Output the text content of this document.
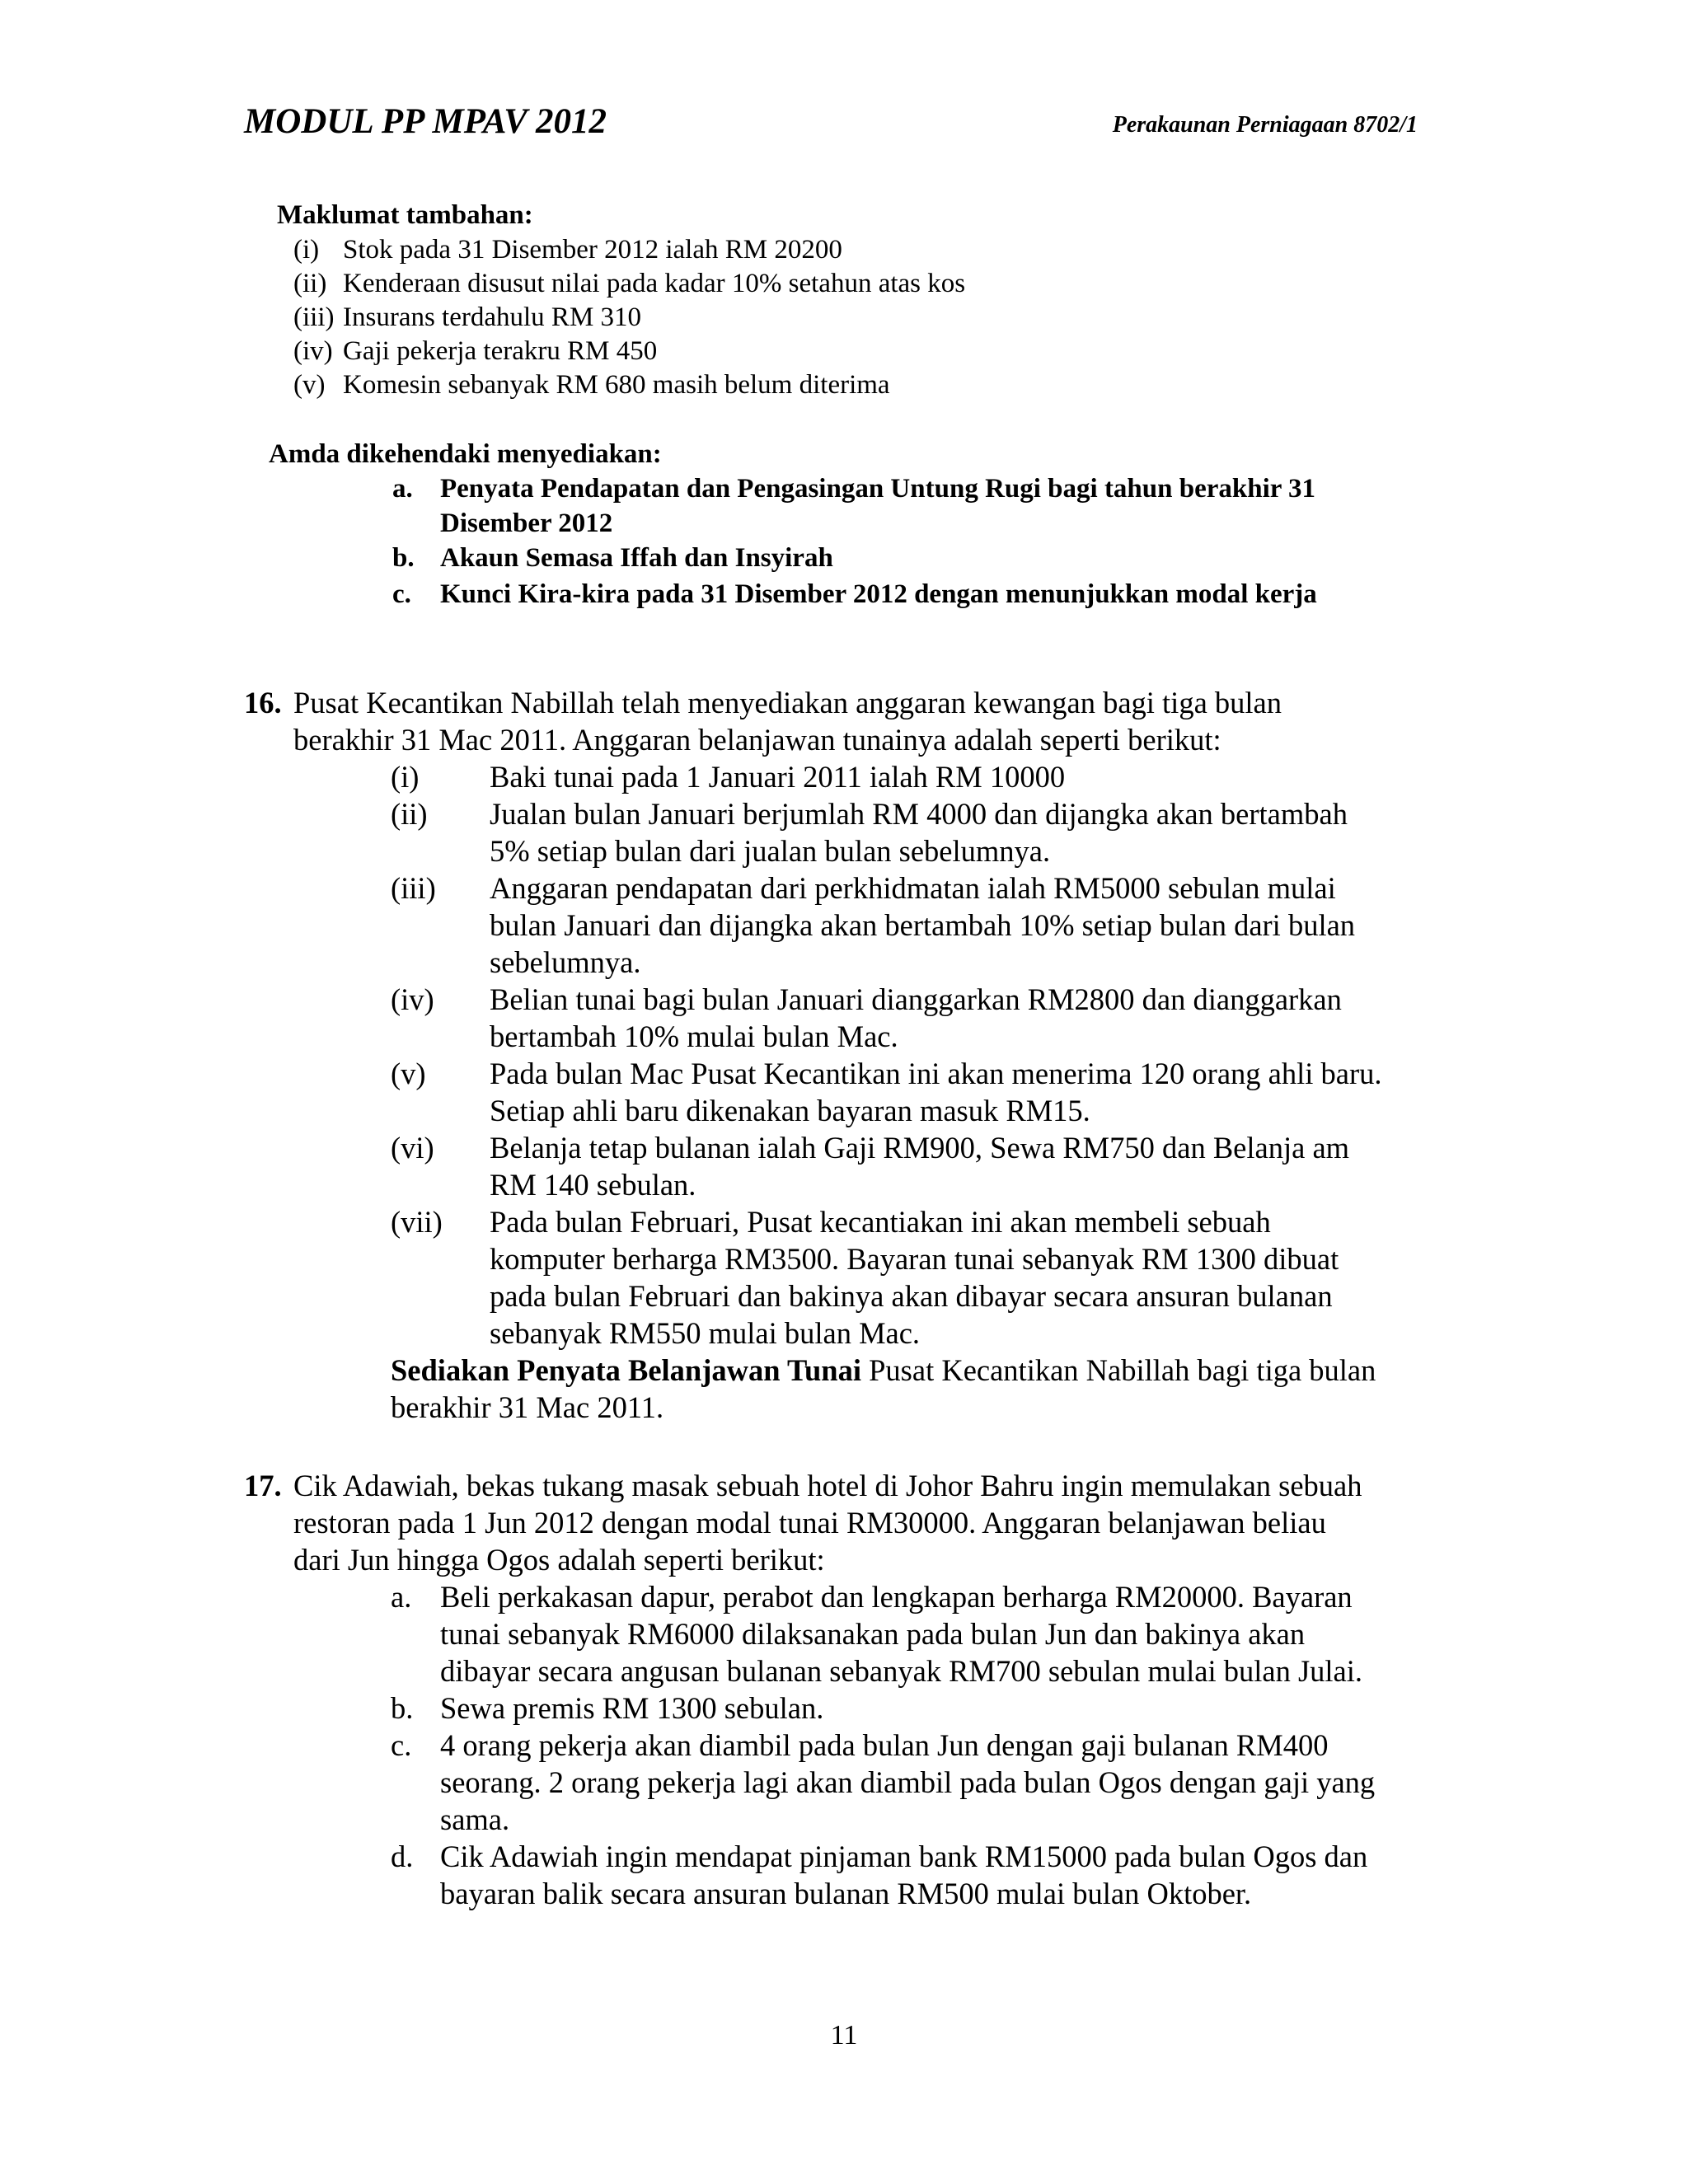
MODUL PP MPAV 2012	Perakaunan Perniagaan 8702/1
Maklumat tambahan:
(i) Stok pada 31 Disember 2012 ialah RM 20200
(ii) Kenderaan disusut nilai pada kadar 10% setahun atas kos
(iii) Insurans terdahulu RM 310
(iv) Gaji pekerja terakru RM 450
(v) Komesin sebanyak RM 680 masih belum diterima
Amda dikehendaki menyediakan:
a. Penyata Pendapatan dan Pengasingan Untung Rugi bagi tahun berakhir 31
Disember 2012
b. Akaun Semasa Iffah dan Insyirah
c. Kunci Kira-kira pada 31 Disember 2012 dengan menunjukkan modal kerja
16. Pusat Kecantikan Nabillah telah menyediakan anggaran kewangan bagi tiga bulan
berakhir 31 Mac 2011. Anggaran belanjawan tunainya adalah seperti berikut:
(i) Baki tunai pada 1 Januari 2011 ialah RM 10000
(ii) Jualan bulan Januari berjumlah RM 4000 dan dijangka akan bertambah
5% setiap bulan dari jualan bulan sebelumnya.
(iii) Anggaran pendapatan dari perkhidmatan ialah RM5000 sebulan mulai
bulan Januari dan dijangka akan bertambah 10% setiap bulan dari bulan
sebelumnya.
(iv) Belian tunai bagi bulan Januari dianggarkan RM2800 dan dianggarkan
bertambah 10% mulai bulan Mac.
(v) Pada bulan Mac Pusat Kecantikan ini akan menerima 120 orang ahli baru.
Setiap ahli baru dikenakan bayaran masuk RM15.
(vi) Belanja tetap bulanan ialah Gaji RM900, Sewa RM750 dan Belanja am
RM 140 sebulan.
(vii) Pada bulan Februari, Pusat kecantiakan ini akan membeli sebuah
komputer berharga RM3500. Bayaran tunai sebanyak RM 1300 dibuat
pada bulan Februari dan bakinya akan dibayar secara ansuran bulanan
sebanyak RM550 mulai bulan Mac.
Sediakan Penyata Belanjawan Tunai Pusat Kecantikan Nabillah bagi tiga bulan
berakhir 31 Mac 2011.
17. Cik Adawiah, bekas tukang masak sebuah hotel di Johor Bahru ingin memulakan sebuah
restoran pada 1 Jun 2012 dengan modal tunai RM30000. Anggaran belanjawan beliau
dari Jun hingga Ogos adalah seperti berikut:
a. Beli perkakasan dapur, perabot dan lengkapan berharga RM20000. Bayaran
tunai sebanyak RM6000 dilaksanakan pada bulan Jun dan bakinya akan
dibayar secara angusan bulanan sebanyak RM700 sebulan mulai bulan Julai.
b. Sewa premis RM 1300 sebulan.
c. 4 orang pekerja akan diambil pada bulan Jun dengan gaji bulanan RM400
seorang. 2 orang pekerja lagi akan diambil pada bulan Ogos dengan gaji yang
sama.
d. Cik Adawiah ingin mendapat pinjaman bank RM15000 pada bulan Ogos dan
bayaran balik secara ansuran bulanan RM500 mulai bulan Oktober.
11
